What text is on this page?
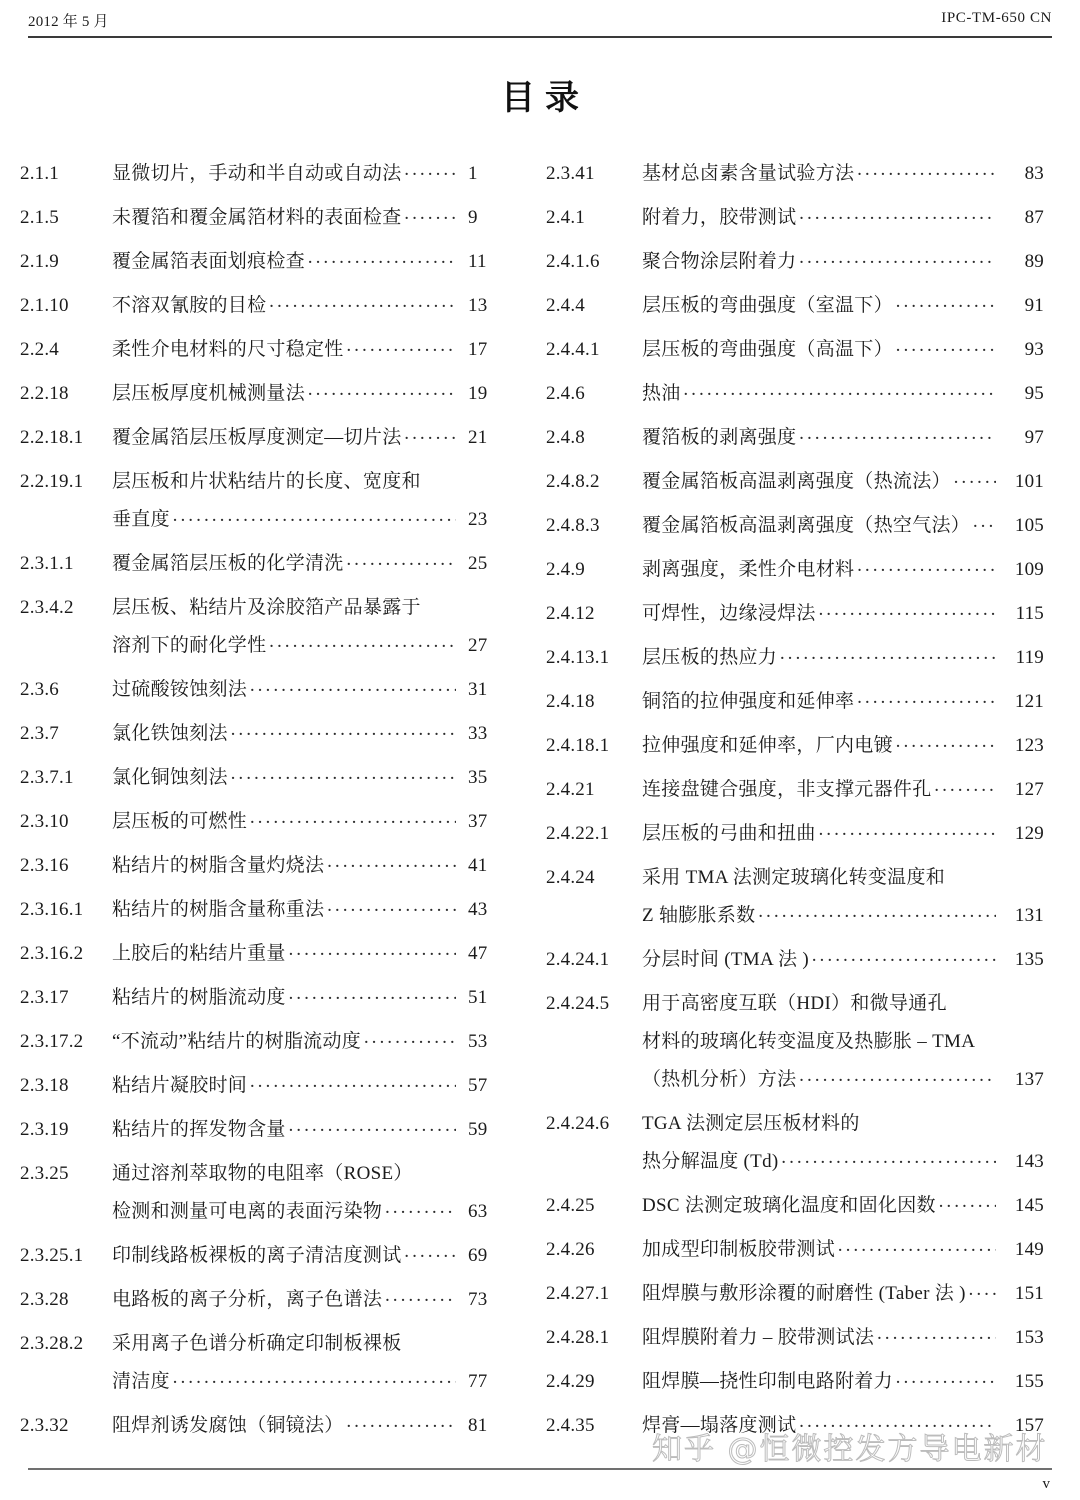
2012 年 5 月	IPC-TM-650 CN
目录
2.1.1	显微切片，手动和半自动或自动法 ·····	1
2.1.5	未覆箔和覆金属箔材料的表面检查 ·····	9
2.1.9	覆金属箔表面划痕检查 ·····	11
2.1.10	不溶双氰胺的目检 ·····	13
2.2.4	柔性介电材料的尺寸稳定性 ·····	17
2.2.18	层压板厚度机械测量法 ·····	19
2.2.18.1	覆金属箔层压板厚度测定—切片法 ·····	21
2.2.19.1	层压板和片状粘结片的长度、宽度和
垂直度 ·····	23
2.3.1.1	覆金属箔层压板的化学清洗 ·····	25
2.3.4.2	层压板、粘结片及涂胶箔产品暴露于
溶剂下的耐化学性 ·····	27
2.3.6	过硫酸铵蚀刻法 ·····	31
2.3.7	氯化铁蚀刻法 ·····	33
2.3.7.1	氯化铜蚀刻法 ·····	35
2.3.10	层压板的可燃性 ·····	37
2.3.16	粘结片的树脂含量灼烧法 ·····	41
2.3.16.1	粘结片的树脂含量称重法 ·····	43
2.3.16.2	上胶后的粘结片重量 ·····	47
2.3.17	粘结片的树脂流动度 ·····	51
2.3.17.2	“不流动”粘结片的树脂流动度 ·····	53
2.3.18	粘结片凝胶时间 ·····	57
2.3.19	粘结片的挥发物含量 ·····	59
2.3.25	通过溶剂萃取物的电阻率（ROSE）
检测和测量可电离的表面污染物 ·····	63
2.3.25.1	印制线路板裸板的离子清洁度测试 ·····	69
2.3.28	电路板的离子分析，离子色谱法 ·····	73
2.3.28.2	采用离子色谱分析确定印制板裸板
清洁度 ·····	77
2.3.32	阻焊剂诱发腐蚀（铜镜法） ·····	81
2.3.41	基材总卤素含量试验方法 ·····	83
2.4.1	附着力，胶带测试 ·····	87
2.4.1.6	聚合物涂层附着力 ·····	89
2.4.4	层压板的弯曲强度（室温下） ·····	91
2.4.4.1	层压板的弯曲强度（高温下） ·····	93
2.4.6	热油 ·····	95
2.4.8	覆箔板的剥离强度 ·····	97
2.4.8.2	覆金属箔板高温剥离强度（热流法） ·····	101
2.4.8.3	覆金属箔板高温剥离强度（热空气法） ·····	105
2.4.9	剥离强度，柔性介电材料 ·····	109
2.4.12	可焊性，边缘浸焊法 ·····	115
2.4.13.1	层压板的热应力 ·····	119
2.4.18	铜箔的拉伸强度和延伸率 ·····	121
2.4.18.1	拉伸强度和延伸率，厂内电镀 ·····	123
2.4.21	连接盘键合强度，非支撑元器件孔 ·····	127
2.4.22.1	层压板的弓曲和扭曲 ·····	129
2.4.24	采用 TMA 法测定玻璃化转变温度和
Z 轴膨胀系数 ·····	131
2.4.24.1	分层时间 (TMA 法 ) ·····	135
2.4.24.5	用于高密度互联（HDI）和微导通孔
材料的玻璃化转变温度及热膨胀 – TMA
（热机分析）方法 ·····	137
2.4.24.6	TGA 法测定层压板材料的
热分解温度 (Td) ·····	143
2.4.25	DSC 法测定玻璃化温度和固化因数 ·····	145
2.4.26	加成型印制板胶带测试 ·····	149
2.4.27.1	阻焊膜与敷形涂覆的耐磨性 (Taber 法 ) ·····	151
2.4.28.1	阻焊膜附着力 – 胶带测试法 ·····	153
2.4.29	阻焊膜—挠性印制电路附着力 ·····	155
2.4.35	焊膏—塌落度测试 ·····	157
知乎 @恒微控发方导电新材
v
